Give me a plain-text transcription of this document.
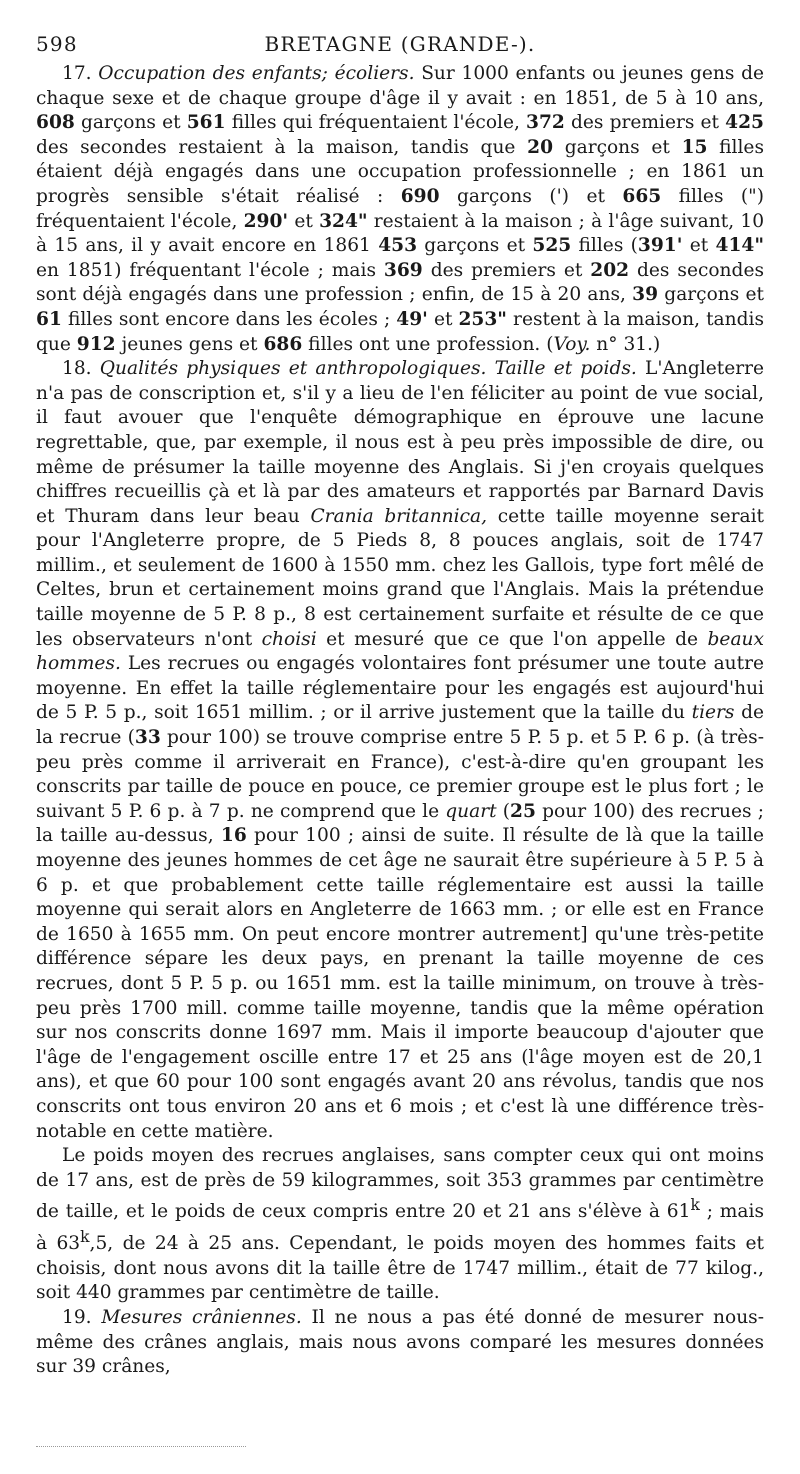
598	BRETAGNE (GRANDE-).

17. Occupation des enfants; écoliers. Sur 1000 enfants ou jeunes gens de chaque sexe et de chaque groupe d'âge il y avait : en 1851, de 5 à 10 ans, 608 garçons et 561 filles qui fréquentaient l'école, 372 des premiers et 425 des secondes restaient à la maison, tandis que 20 garçons et 15 filles étaient déjà engagés dans une occupation professionnelle ; en 1861 un progrès sensible s'était réalisé : 690 garçons (') et 665 filles (") fréquentaient l'école, 290' et 324" restaient à la maison ; à l'âge suivant, 10 à 15 ans, il y avait encore en 1861 453 garçons et 525 filles (391' et 414" en 1851) fréquentant l'école ; mais 369 des premiers et 202 des secondes sont déjà engagés dans une profession ; enfin, de 15 à 20 ans, 39 garçons et 61 filles sont encore dans les écoles ; 49' et 253" restent à la maison, tandis que 912 jeunes gens et 686 filles ont une profession. (Voy. n° 31.)

18. Qualités physiques et anthropologiques. Taille et poids. L'Angleterre n'a pas de conscription et, s'il y a lieu de l'en féliciter au point de vue social, il faut avouer que l'enquête démographique en éprouve une lacune regrettable, que, par exemple, il nous est à peu près impossible de dire, ou même de présumer la taille moyenne des Anglais. Si j'en croyais quelques chiffres recueillis çà et là par des amateurs et rapportés par Barnard Davis et Thuram dans leur beau Crania britannica, cette taille moyenne serait pour l'Angleterre propre, de 5 Pieds 8, 8 pouces anglais, soit de 1747 millim., et seulement de 1600 à 1550 mm. chez les Gallois, type fort mêlé de Celtes, brun et certainement moins grand que l'Anglais. Mais la prétendue taille moyenne de 5 P. 8 p., 8 est certainement surfaite et résulte de ce que les observateurs n'ont choisi et mesuré que ce que l'on appelle de beaux hommes. Les recrues ou engagés volontaires font présumer une toute autre moyenne. En effet la taille réglementaire pour les engagés est aujourd'hui de 5 P. 5 p., soit 1651 millim. ; or il arrive justement que la taille du tiers de la recrue (33 pour 100) se trouve comprise entre 5 P. 5 p. et 5 P. 6 p. (à très-peu près comme il arriverait en France), c'est-à-dire qu'en groupant les conscrits par taille de pouce en pouce, ce premier groupe est le plus fort ; le suivant 5 P. 6 p. à 7 p. ne comprend que le quart (25 pour 100) des recrues ; la taille au-dessus, 16 pour 100 ; ainsi de suite. Il résulte de là que la taille moyenne des jeunes hommes de cet âge ne saurait être supérieure à 5 P. 5 à 6 p. et que probablement cette taille réglementaire est aussi la taille moyenne qui serait alors en Angleterre de 1663 mm. ; or elle est en France de 1650 à 1655 mm. On peut encore montrer autrement] qu'une très-petite différence sépare les deux pays, en prenant la taille moyenne de ces recrues, dont 5 P. 5 p. ou 1651 mm. est la taille minimum, on trouve à très-peu près 1700 mill. comme taille moyenne, tandis que la même opération sur nos conscrits donne 1697 mm. Mais il importe beaucoup d'ajouter que l'âge de l'engagement oscille entre 17 et 25 ans (l'âge moyen est de 20,1 ans), et que 60 pour 100 sont engagés avant 20 ans révolus, tandis que nos conscrits ont tous environ 20 ans et 6 mois ; et c'est là une différence très-notable en cette matière.

Le poids moyen des recrues anglaises, sans compter ceux qui ont moins de 17 ans, est de près de 59 kilogrammes, soit 353 grammes par centimètre de taille, et le poids de ceux compris entre 20 et 21 ans s'élève à 61$^k$ ; mais à 63$^k$,5, de 24 à 25 ans. Cependant, le poids moyen des hommes faits et choisis, dont nous avons dit la taille être de 1747 millim., était de 77 kilog., soit 440 grammes par centimètre de taille.

19. Mesures crâniennes. Il ne nous a pas été donné de mesurer nous-même des crânes anglais, mais nous avons comparé les mesures données sur 39 crânes,
